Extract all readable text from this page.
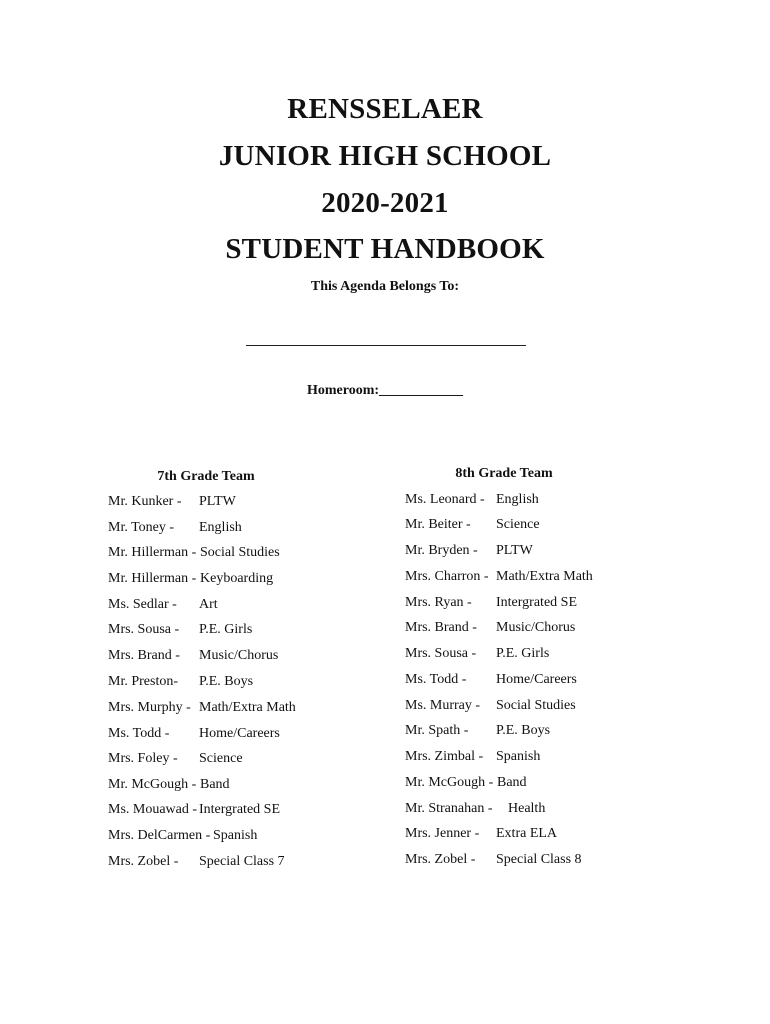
RENSSELAER
JUNIOR HIGH SCHOOL
2020-2021
STUDENT HANDBOOK
This Agenda Belongs To:
Homeroom:____________
7th Grade Team	8th Grade Team
Mr. Kunker - PLTW
Mr. Toney - English
Mr. Hillerman - Social Studies
Mr. Hillerman - Keyboarding
Ms. Sedlar - Art
Mrs. Sousa - P.E. Girls
Mrs. Brand - Music/Chorus
Mr. Preston- P.E. Boys
Mrs. Murphy - Math/Extra Math
Ms. Todd - Home/Careers
Mrs. Foley - Science
Mr. McGough - Band
Ms. Mouawad - Intergrated SE
Mrs. DelCarmen - Spanish
Mrs. Zobel - Special Class 7
Ms. Leonard - English
Mr. Beiter - Science
Mr. Bryden - PLTW
Mrs. Charron - Math/Extra Math
Mrs. Ryan - Intergrated SE
Mrs. Brand - Music/Chorus
Mrs. Sousa - P.E. Girls
Ms. Todd - Home/Careers
Ms. Murray - Social Studies
Mr. Spath - P.E. Boys
Mrs. Zimbal - Spanish
Mr. McGough - Band
Mr. Stranahan - Health
Mrs. Jenner - Extra ELA
Mrs. Zobel - Special Class 8
